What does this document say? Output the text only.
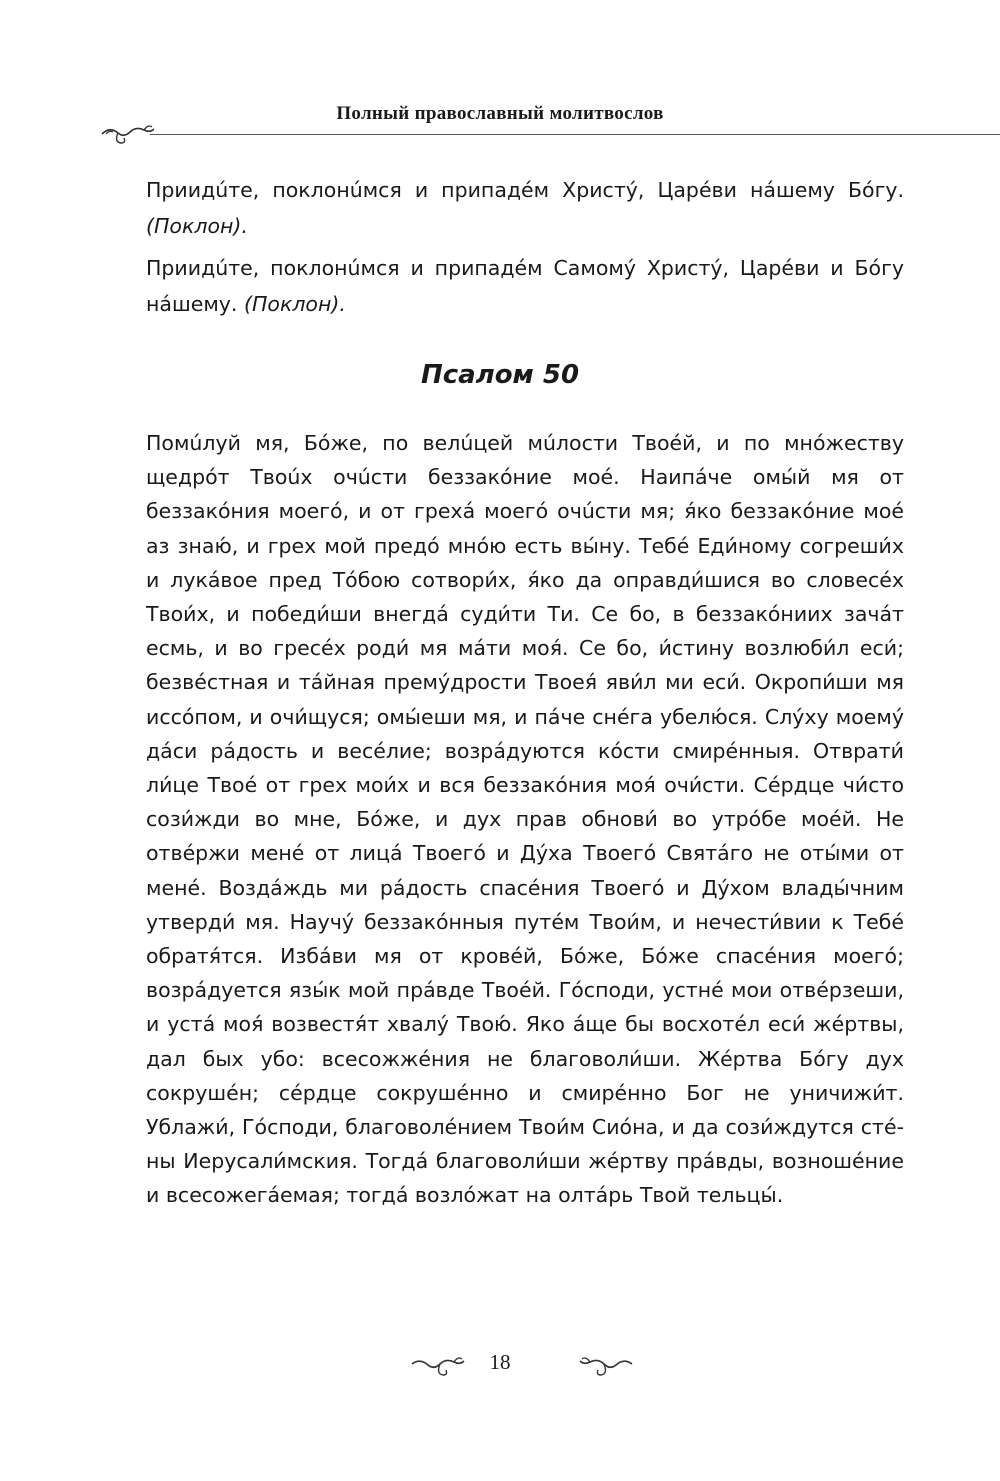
Полный православный молитвослов

Приидúте, поклонúмся и припадéм Христý, Царéви нáшему Бóгу. (Поклон).

Приидúте, поклонúмся и припадéм Самомý Христý, Царéви и Бóгу нáшему. (Поклон).

Псалом 50
Помúлуй мя, Бóже, по велúцей мúлости Твоéй, и по мнóжеству щедрóт Твоúх очúсти беззакóние моé. Наипáче омы́й мя от беззакóния моегó, и от грехá моегó очúсти мя; я́ко беззакóние моé аз знаю́, и грех мой предó мнóю есть вы́ну. Тебé Еди́ному согреши́х и лукáвое пред Тóбою сотвори́х, я́ко да оправди́шися во словесéх Твои́х, и победи́ши внегдá суди́ти Ти. Се бо, в беззакóниих зачáт есмь, и во гресéх роди́ мя мáти моя́. Се бо, и́стину возлюби́л еси́; безвéстная и тáйная прему́дрости Твоея́ яви́л ми еси́. Окропи́ши мя иссóпом, и очи́щуся; омы́еши мя, и пáче снéга убелю́ся. Слу́ху моему́ дáси рáдость и весéлие; возрáдуются кóсти смирéнныя. Отврати́ ли́це Твоé от грех мои́х и вся беззакóния моя́ очи́сти. Сéрдце чи́сто сози́жди во мне, Бóже, и дух прав обнови́ во утрóбе моéй. Не отвéржи менé от лицá Твоегó и Ду́ха Твоегó Святáго не оты́ми от менé. Воздáждь ми рáдость спасéния Твоегó и Ду́хом влады́чним утверди́ мя. Научу́ беззакóнныя путéм Твои́м, и нечести́вии к Тебé обратя́тся. Избáви мя от кровéй, Бóже, Бóже спасéния моегó; возрáдуется язы́к мой прáвде Твоéй. Гóсподи, устнé мои отвéрзеши, и устá моя́ возвестя́т хвалу́ Твою́. Яко áще бы восхотéл еси́ жéртвы, дал бых убо: всесожжéния не благоволи́ши. Жéртва Бóгу дух сокрушéн; сéрдце сокрушéнно и смирéнно Бог не уничижи́т. Ублажи́, Гóсподи, благоволéнием Твои́м Сиóна, и да сози́ждутся стéны Иерусали́мския. Тогдá благоволи́ши жéртву прáвды, возношéние и всесожегáемая; тогдá возлóжат на олтáрь Твой тельцы́.
18
